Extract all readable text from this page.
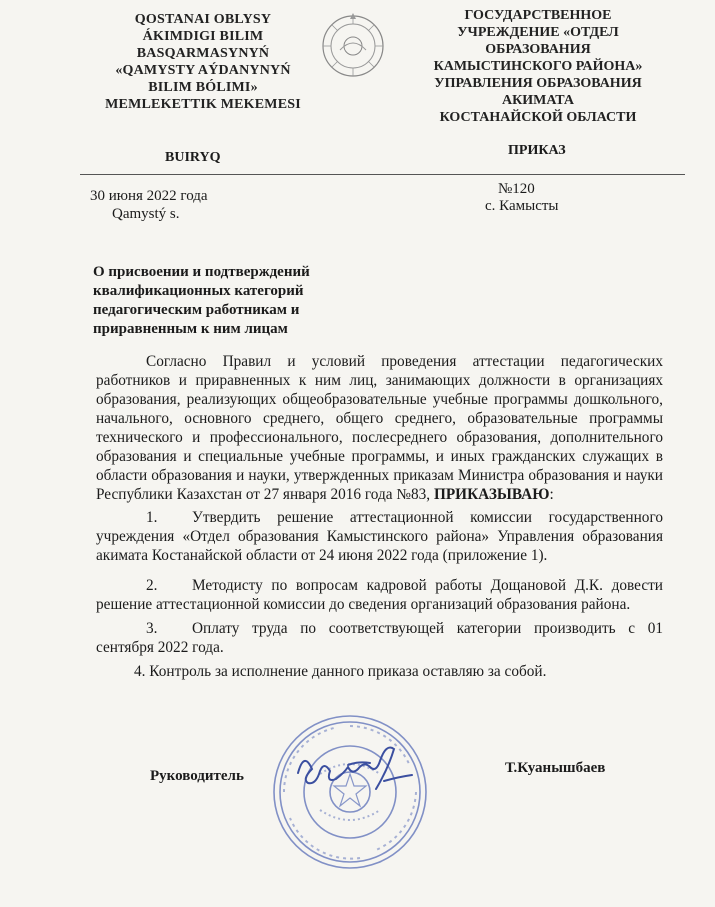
QOSTANAI OBLYSY
ÁKIMDIGI BILIM
BASQARMASYNYŃ
«QAMYSTY AÝDANYNYŃ
BILIM BÓLIMI»
MEMLEKETTIK MEKEMESI
ГОСУДАРСТВЕННОЕ
УЧРЕЖДЕНИЕ «ОТДЕЛ
ОБРАЗОВАНИЯ
КАМЫСТИНСКОГО РАЙОНА»
УПРАВЛЕНИЯ ОБРАЗОВАНИЯ
АКИМАТА
КОСТАНАЙСКОЙ ОБЛАСТИ
BUIRYQ	ПРИКАЗ
30 июня 2022 года
Qamystý s.
№120
с. Камысты
О присвоении и подтверждений квалификационных категорий педагогическим работникам и приравненным к ним лицам

Согласно Правил и условий проведения аттестации педагогических работников и приравненных к ним лиц, занимающих должности в организациях образования, реализующих общеобразовательные учебные программы дошкольного, начального, основного среднего, общего среднего, образовательные программы технического и профессионального, послесреднего образования, дополнительного образования и специальные учебные программы, и иных гражданских служащих в области образования и науки, утвержденных приказам Министра образования и науки Республики Казахстан от 27 января 2016 года №83, ПРИКАЗЫВАЮ:

1. Утвердить решение аттестационной комиссии государственного учреждения «Отдел образования Камыстинского района» Управления образования акимата Костанайской области от 24 июня 2022 года (приложение 1).

2. Методисту по вопросам кадровой работы Дощановой Д.К. довести решение аттестационной комиссии до сведения организаций образования района.

3. Оплату труда по соответствующей категории производить с 01 сентября 2022 года.

4. Контроль за исполнение данного приказа оставляю за собой.

Руководитель	Т.Куанышбаев
